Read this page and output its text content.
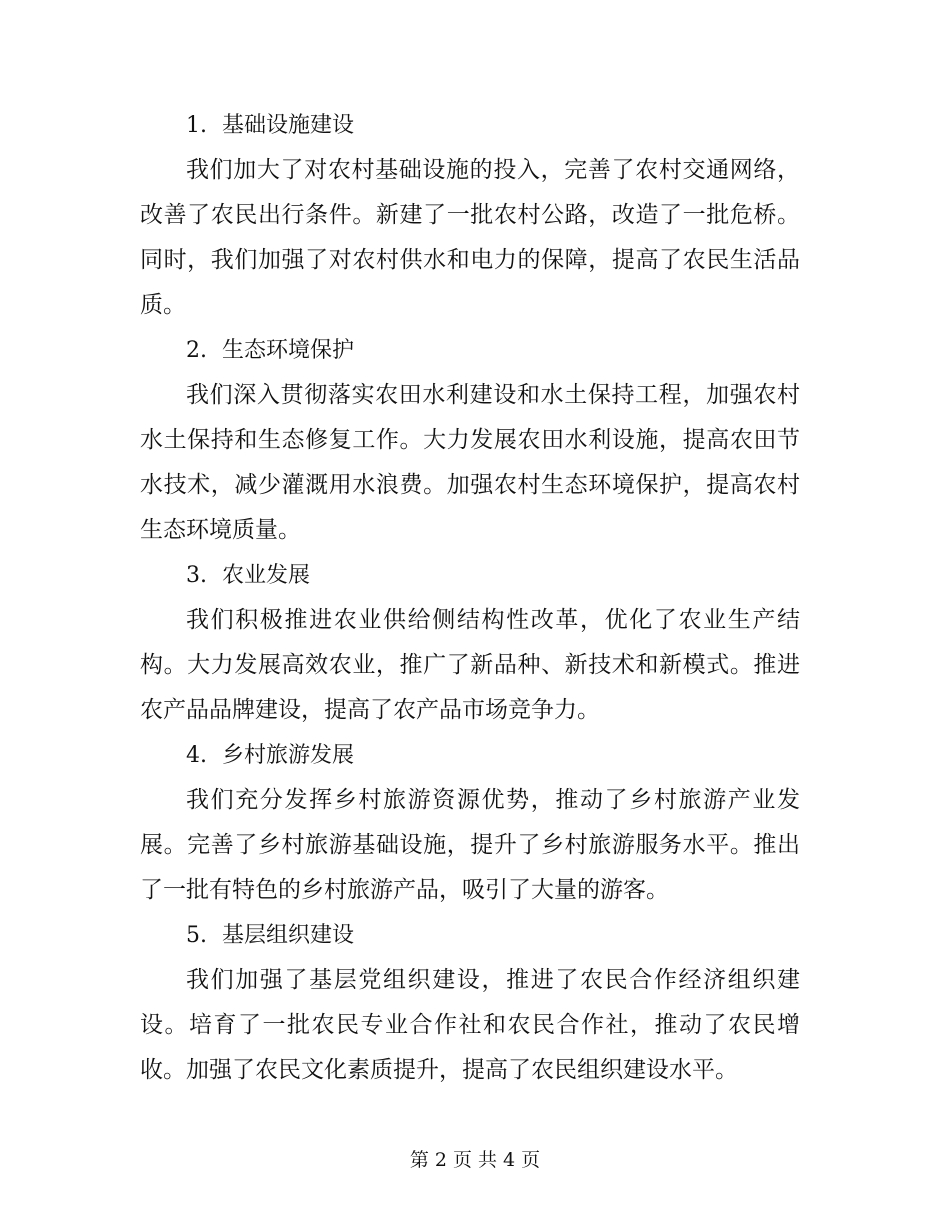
1. 基础设施建设

我们加大了对农村基础设施的投入，完善了农村交通网络，改善了农民出行条件。新建了一批农村公路，改造了一批危桥。同时，我们加强了对农村供水和电力的保障，提高了农民生活品质。

2. 生态环境保护

我们深入贯彻落实农田水利建设和水土保持工程，加强农村水土保持和生态修复工作。大力发展农田水利设施，提高农田节水技术，减少灌溉用水浪费。加强农村生态环境保护，提高农村生态环境质量。

3. 农业发展

我们积极推进农业供给侧结构性改革，优化了农业生产结构。大力发展高效农业，推广了新品种、新技术和新模式。推进农产品品牌建设，提高了农产品市场竞争力。

4. 乡村旅游发展

我们充分发挥乡村旅游资源优势，推动了乡村旅游产业发展。完善了乡村旅游基础设施，提升了乡村旅游服务水平。推出了一批有特色的乡村旅游产品，吸引了大量的游客。

5. 基层组织建设

我们加强了基层党组织建设，推进了农民合作经济组织建设。培育了一批农民专业合作社和农民合作社，推动了农民增收。加强了农民文化素质提升，提高了农民组织建设水平。

第 2 页 共 4 页
